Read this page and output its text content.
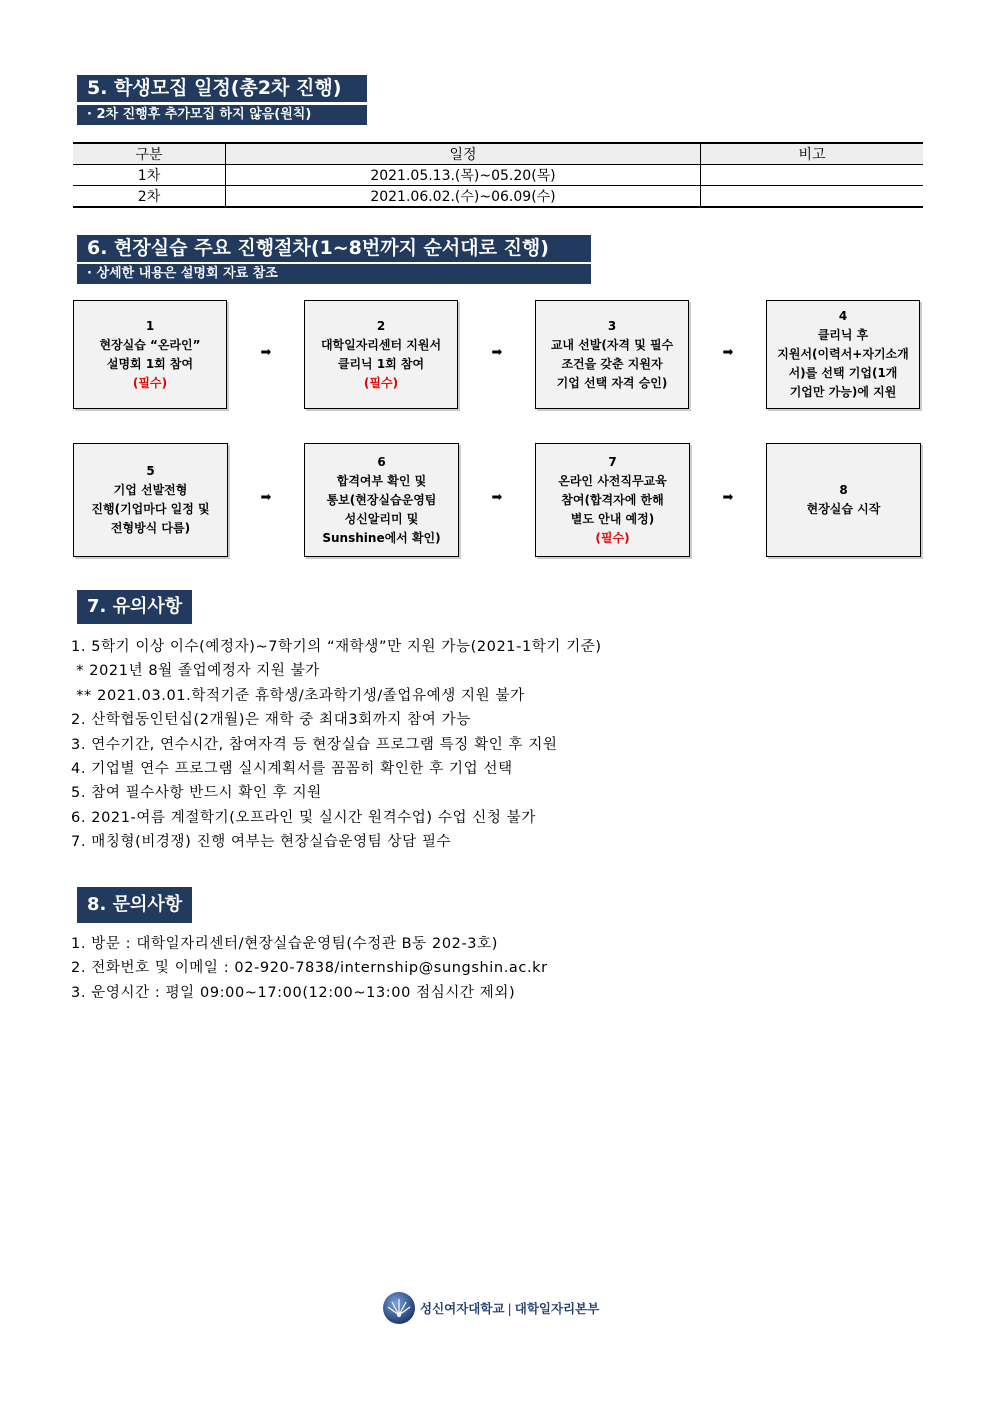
5. 학생모집 일정(총2차 진행)
· 2차 진행후 추가모집 하지 않음(원칙)
구분	일정	비고
1차	2021.05.13.(목)~05.20(목)	
2차	2021.06.02.(수)~06.09(수)	
6. 현장실습 주요 진행절차(1~8번까지 순서대로 진행)
· 상세한 내용은 설명회 자료 참조
1
현장실습 “온라인”
설명회 1회 참여
(필수)
➡
2
대학일자리센터 지원서
클리닉 1회 참여
(필수)
➡
3
교내 선발(자격 및 필수
조건을 갖춘 지원자
기업 선택 자격 승인)
➡
4
클리닉 후
지원서(이력서+자기소개
서)를 선택 기업(1개
기업만 가능)에 지원
5
기업 선발전형
진행(기업마다 일정 및
전형방식 다름)
➡
6
합격여부 확인 및
통보(현장실습운영팀
성신알리미 및
Sunshine에서 확인)
➡
7
온라인 사전직무교육
참여(합격자에 한해
별도 안내 예정)
(필수)
➡	8
현장실습 시작
7. 유의사항
1. 5학기 이상 이수(예정자)~7학기의 “재학생”만 지원 가능(2021-1학기 기준)
* 2021년 8월 졸업예정자 지원 불가
** 2021.03.01.학적기준 휴학생/초과학기생/졸업유예생 지원 불가
2. 산학협동인턴십(2개월)은 재학 중 최대3회까지 참여 가능
3. 연수기간, 연수시간, 참여자격 등 현장실습 프로그램 특징 확인 후 지원
4. 기업별 연수 프로그램 실시계획서를 꼼꼼히 확인한 후 기업 선택
5. 참여 필수사항 반드시 확인 후 지원
6. 2021-여름 계절학기(오프라인 및 실시간 원격수업) 수업 신청 불가
7. 매칭형(비경쟁) 진행 여부는 현장실습운영팀 상담 필수
8. 문의사항
1. 방문 : 대학일자리센터/현장실습운영팀(수정관 B동 202-3호)
2. 전화번호 및 이메일 : 02-920-7838/internship@sungshin.ac.kr
3. 운영시간 : 평일 09:00~17:00(12:00~13:00 점심시간 제외)
성신여자대학교 | 대학일자리본부
